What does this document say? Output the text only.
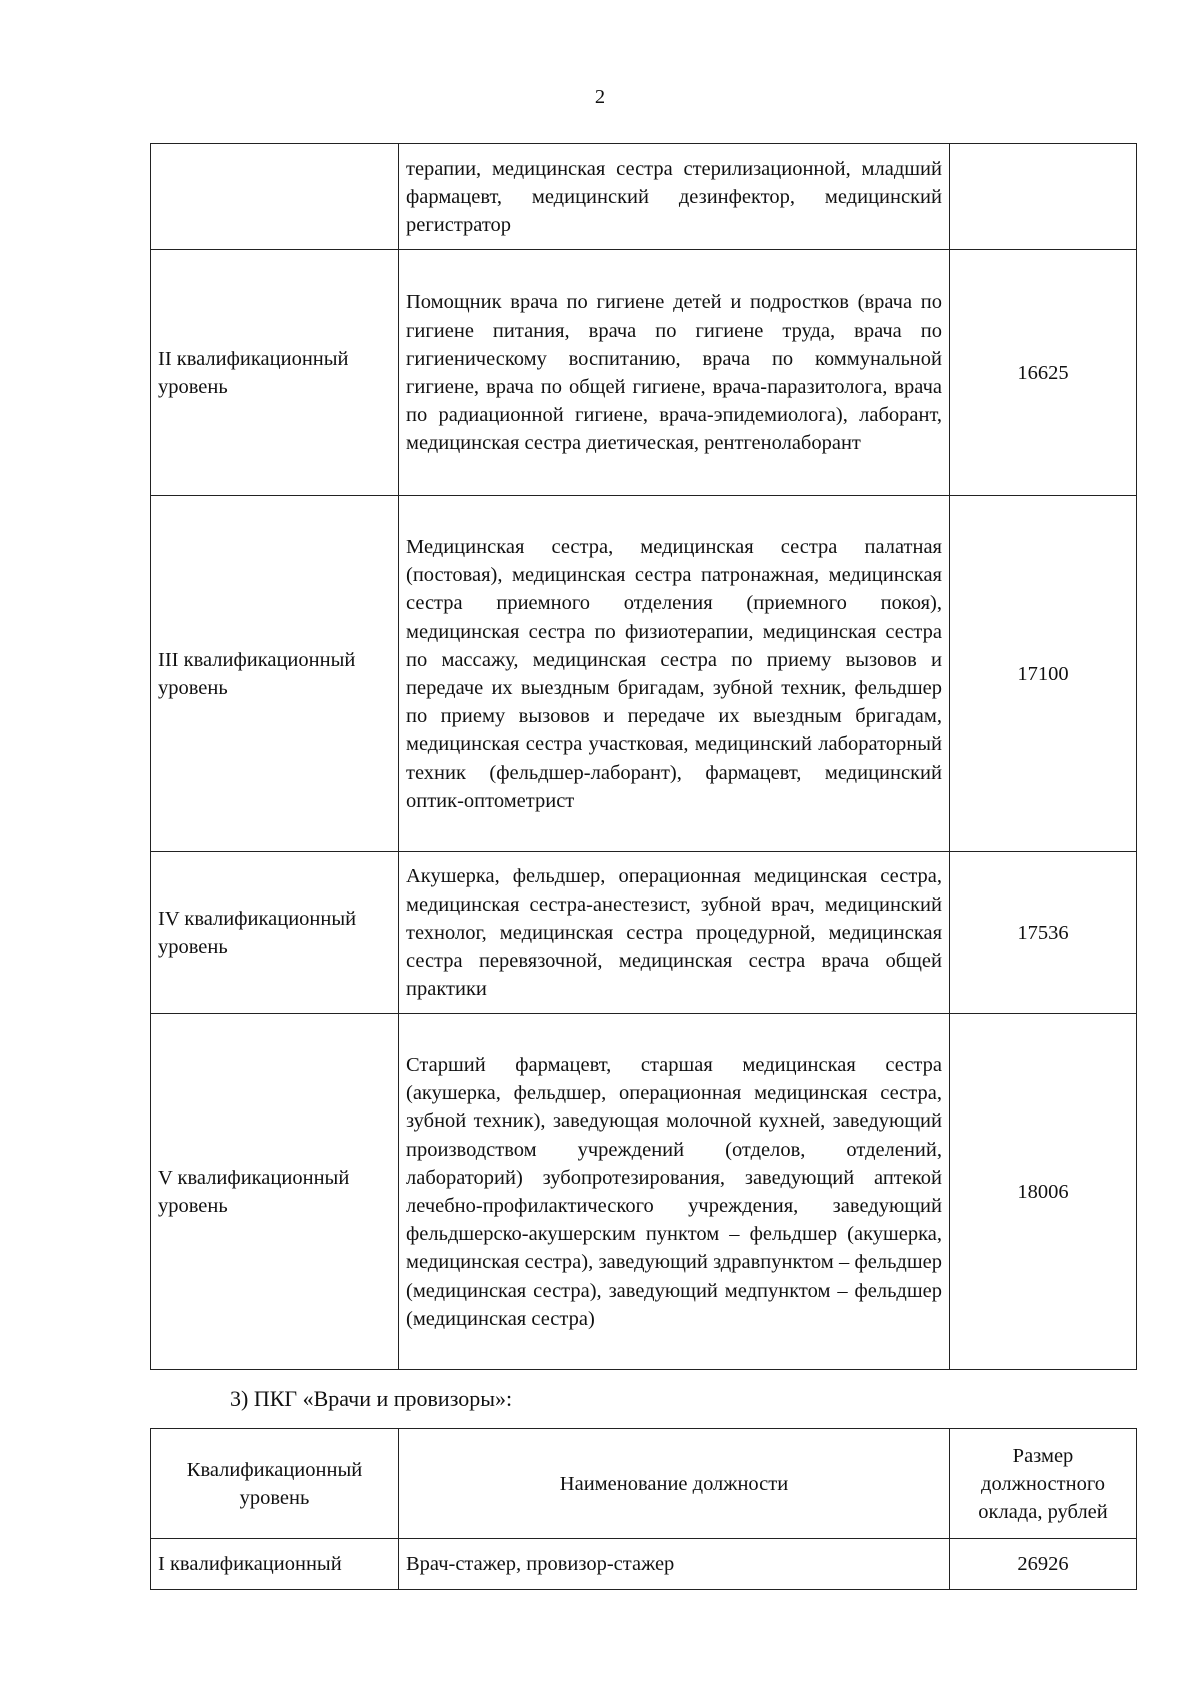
2
	терапии, медицинская сестра стерилизационной, младший фармацевт, медицинский дезинфектор, медицинский регистратор	
II квалификационный уровень	Помощник врача по гигиене детей и подростков (врача по гигиене питания, врача по гигиене труда, врача по гигиеническому воспитанию, врача по коммунальной гигиене, врача по общей гигиене, врача-паразитолога, врача по радиационной гигиене, врача-эпидемиолога), лаборант, медицинская сестра диетическая, рентгенолаборант	16625
III квалификационный уровень	Медицинская сестра, медицинская сестра палатная (постовая), медицинская сестра патронажная, медицинская сестра приемного отделения (приемного покоя), медицинская сестра по физиотерапии, медицинская сестра по массажу, медицинская сестра по приему вызовов и передаче их выездным бригадам, зубной техник, фельдшер по приему вызовов и передаче их выездным бригадам, медицинская сестра участковая, медицинский лабораторный техник (фельдшер-лаборант), фармацевт, медицинский оптик-оптометрист	17100
IV квалификационный уровень	Акушерка, фельдшер, операционная медицинская сестра, медицинская сестра-анестезист, зубной врач, медицинский технолог, медицинская сестра процедурной, медицинская сестра перевязочной, медицинская сестра врача общей практики	17536
V квалификационный уровень	Старший фармацевт, старшая медицинская сестра (акушерка, фельдшер, операционная медицинская сестра, зубной техник), заведующая молочной кухней, заведующий производством учреждений (отделов, отделений, лабораторий) зубопротезирования, заведующий аптекой лечебно-профилактического учреждения, заведующий фельдшерско-акушерским пунктом – фельдшер (акушерка, медицинская сестра), заведующий здравпунктом – фельдшер (медицинская сестра), заведующий медпунктом – фельдшер (медицинская сестра)	18006
3) ПКГ «Врачи и провизоры»:
Квалификационный уровень	Наименование должности	Размер должностного оклада, рублей
I квалификационный	Врач-стажер, провизор-стажер	26926
